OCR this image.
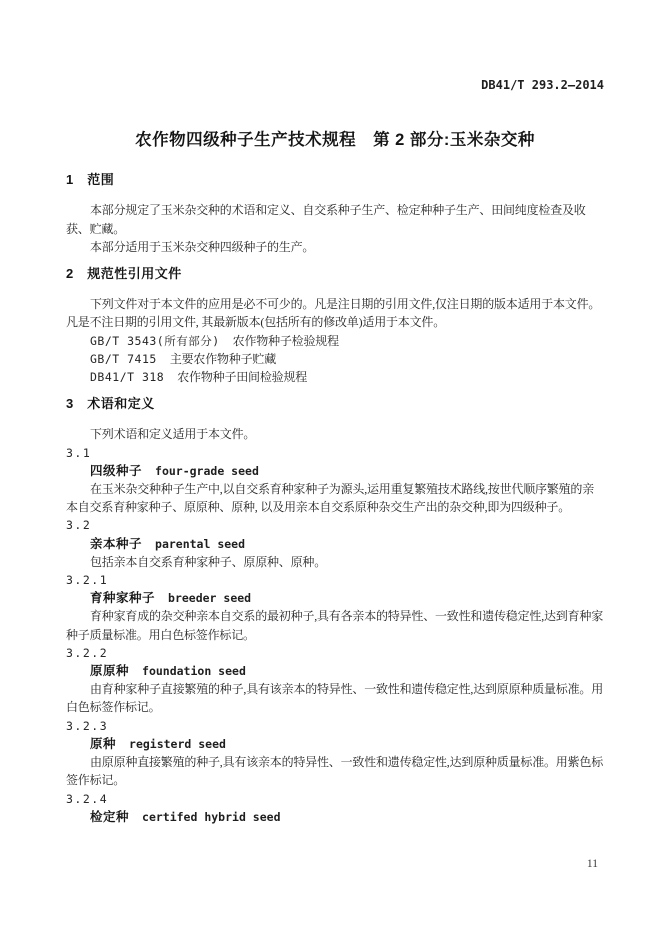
DB41/T 293.2—2014
农作物四级种子生产技术规程　第 2 部分:玉米杂交种
1　范围

本部分规定了玉米杂交种的术语和定义、自交系种子生产、检定种种子生产、田间纯度检查及收获、贮藏。

本部分适用于玉米杂交种四级种子的生产。

2　规范性引用文件

下列文件对于本文件的应用是必不可少的。凡是注日期的引用文件,仅注日期的版本适用于本文件。凡是不注日期的引用文件, 其最新版本(包括所有的修改单)适用于本文件。

GB/T 3543(所有部分) 农作物种子检验规程

GB/T 7415 主要农作物种子贮藏

DB41/T 318 农作物种子田间检验规程

3　术语和定义

下列术语和定义适用于本文件。

3.1

四级种子 four-grade seed

在玉米杂交种种子生产中,以自交系育种家种子为源头,运用重复繁殖技术路线,按世代顺序繁殖的亲本自交系育种家种子、原原种、原种, 以及用亲本自交系原种杂交生产出的杂交种,即为四级种子。

3.2

亲本种子 parental seed

包括亲本自交系育种家种子、原原种、原种。

3.2.1

育种家种子 breeder seed

育种家育成的杂交种亲本自交系的最初种子,具有各亲本的特异性、一致性和遗传稳定性,达到育种家种子质量标准。用白色标签作标记。

3.2.2

原原种 foundation seed

由育种家种子直接繁殖的种子,具有该亲本的特异性、一致性和遗传稳定性,达到原原种质量标准。用白色标签作标记。

3.2.3

原种 registerd seed

由原原种直接繁殖的种子,具有该亲本的特异性、一致性和遗传稳定性,达到原种质量标准。用紫色标签作标记。

3.2.4

检定种 certifed hybrid seed

11
